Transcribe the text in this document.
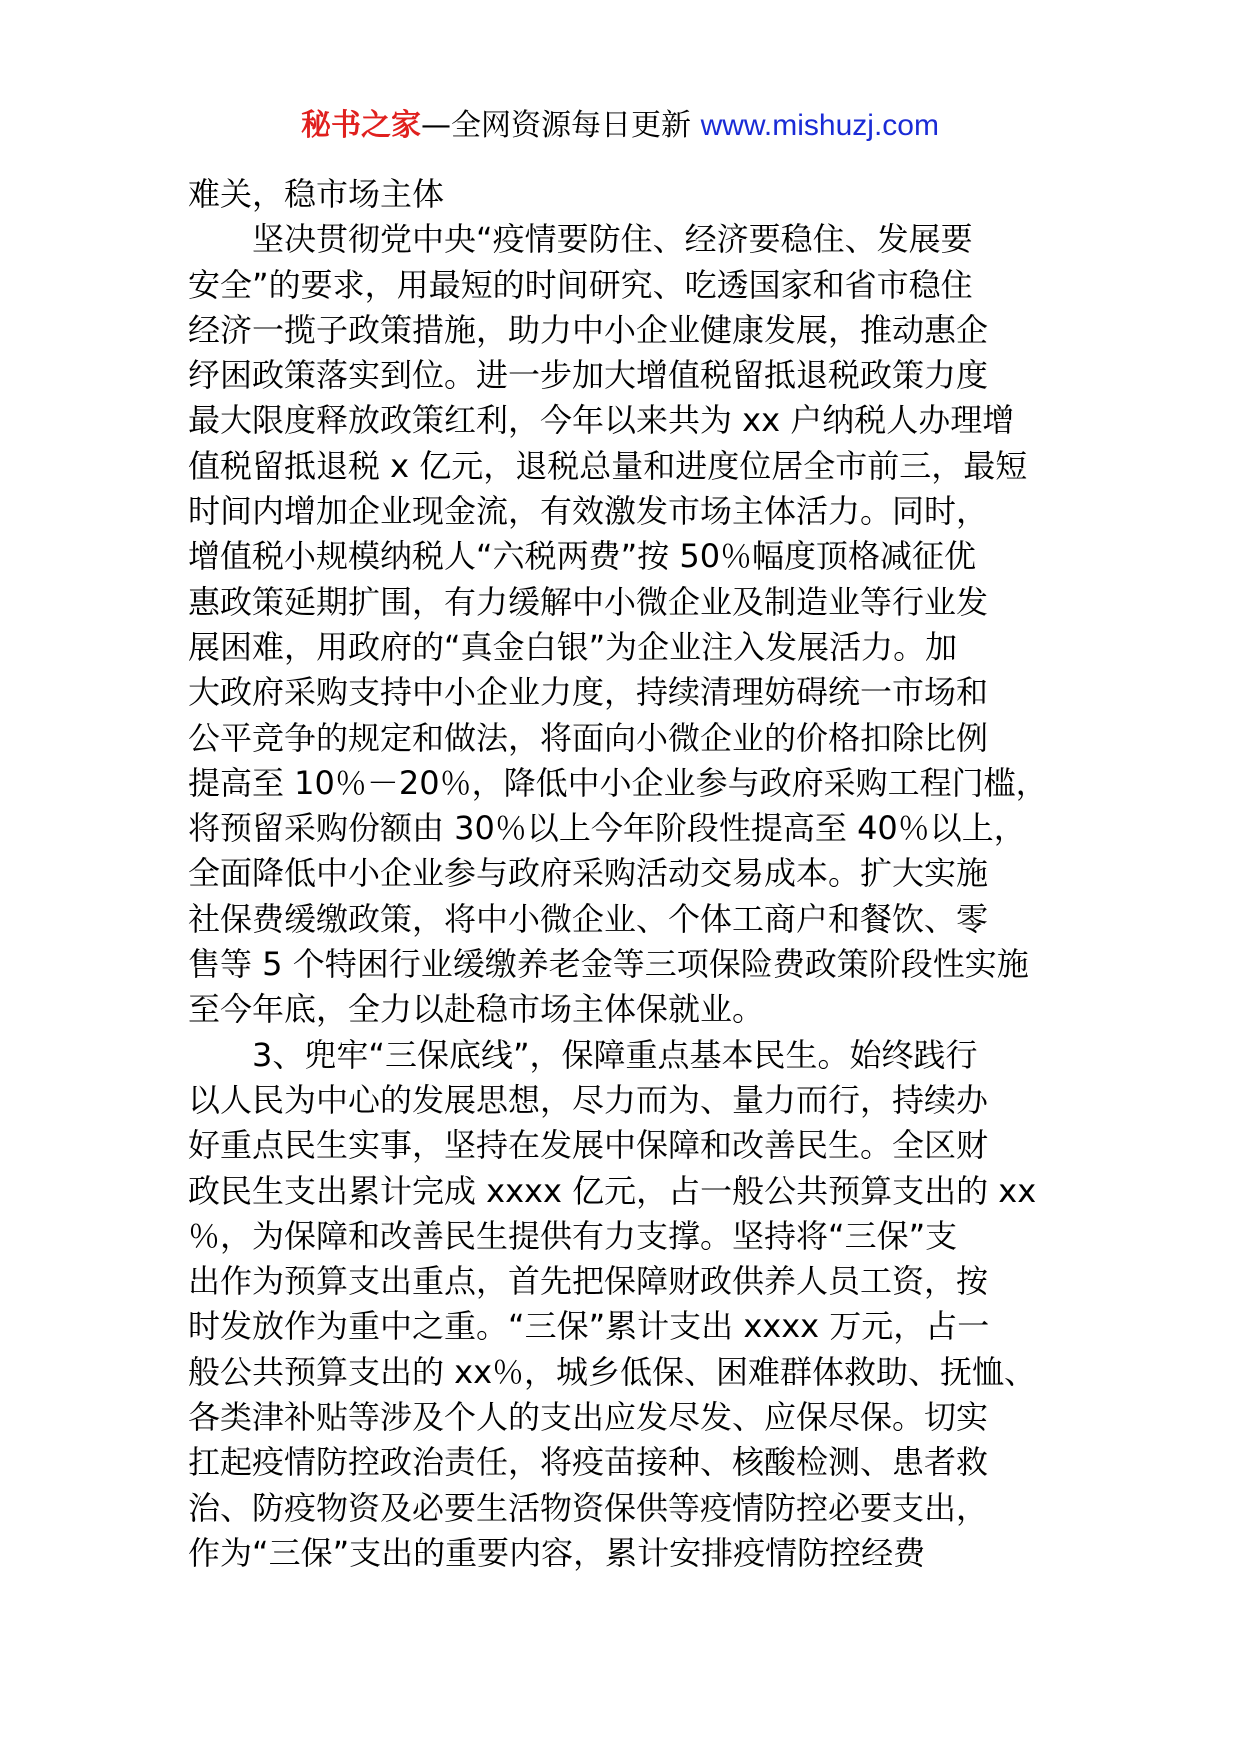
秘书之家—全网资源每日更新 www.mishuzj.com
难关，稳市场主体
坚决贯彻党中央“疫情要防住、经济要稳住、发展要
安全”的要求，用最短的时间研究、吃透国家和省市稳住
经济一揽子政策措施，助力中小企业健康发展，推动惠企
纾困政策落实到位。进一步加大增值税留抵退税政策力度
最大限度释放政策红利，今年以来共为 xx 户纳税人办理增
值税留抵退税 x 亿元，退税总量和进度位居全市前三，最短
时间内增加企业现金流，有效激发市场主体活力。同时，
增值税小规模纳税人“六税两费”按 50％幅度顶格减征优
惠政策延期扩围，有力缓解中小微企业及制造业等行业发
展困难，用政府的“真金白银”为企业注入发展活力。加
大政府采购支持中小企业力度，持续清理妨碍统一市场和
公平竞争的规定和做法，将面向小微企业的价格扣除比例
提高至 10％－20％，降低中小企业参与政府采购工程门槛，
将预留采购份额由 30％以上今年阶段性提高至 40％以上，
全面降低中小企业参与政府采购活动交易成本。扩大实施
社保费缓缴政策，将中小微企业、个体工商户和餐饮、零
售等 5 个特困行业缓缴养老金等三项保险费政策阶段性实施
至今年底，全力以赴稳市场主体保就业。
3、兜牢“三保底线”，保障重点基本民生。始终践行
以人民为中心的发展思想，尽力而为、量力而行，持续办
好重点民生实事，坚持在发展中保障和改善民生。全区财
政民生支出累计完成 xxxx 亿元，占一般公共预算支出的 xx
％，为保障和改善民生提供有力支撑。坚持将“三保”支
出作为预算支出重点，首先把保障财政供养人员工资，按
时发放作为重中之重。“三保”累计支出 xxxx 万元，占一
般公共预算支出的 xx％，城乡低保、困难群体救助、抚恤、
各类津补贴等涉及个人的支出应发尽发、应保尽保。切实
扛起疫情防控政治责任，将疫苗接种、核酸检测、患者救
治、防疫物资及必要生活物资保供等疫情防控必要支出，
作为“三保”支出的重要内容，累计安排疫情防控经费
